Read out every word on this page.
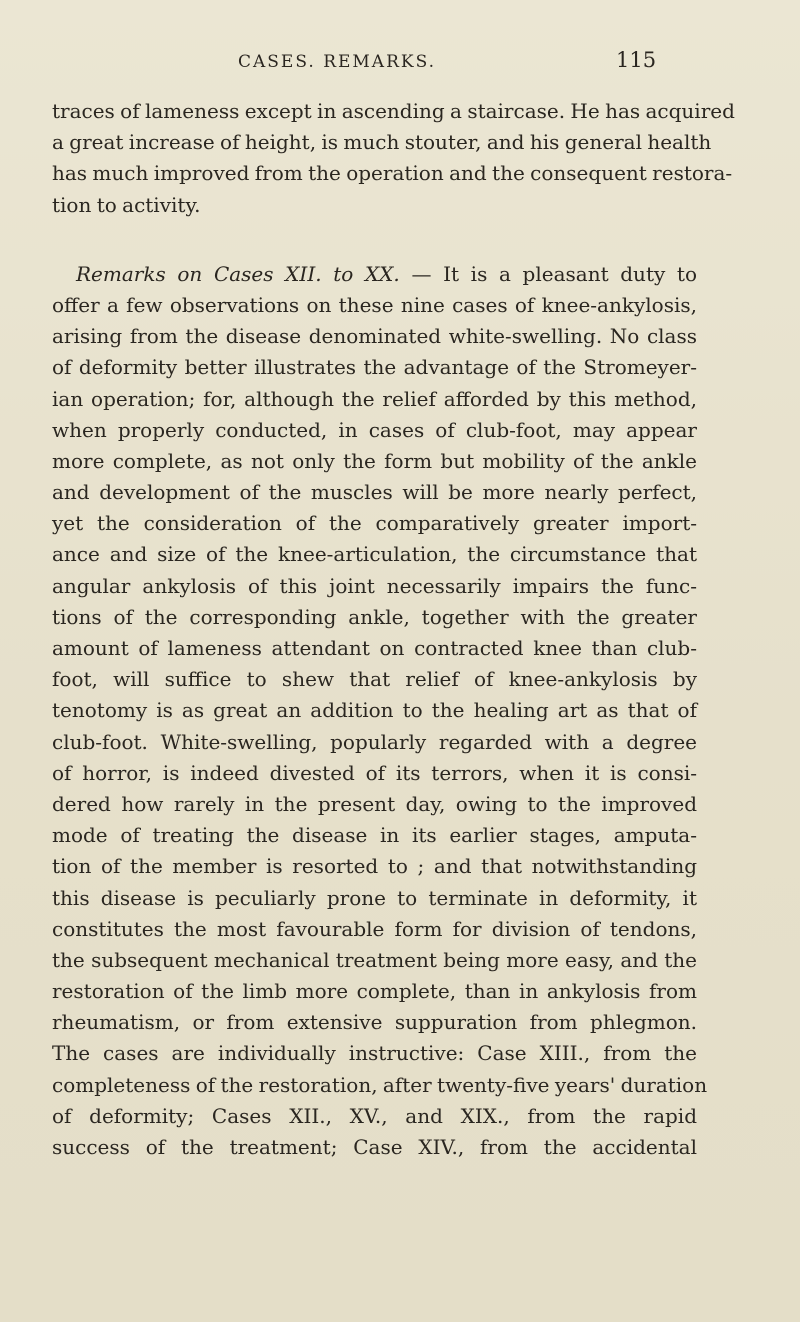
CASES. REMARKS.	115
traces of lameness except in ascending a staircase. He has acquired
a great increase of height, is much stouter, and his general health
has much improved from the operation and the consequent restora-
tion to activity.
Remarks on Cases XII. to XX. — It is a pleasant duty to
offer a few observations on these nine cases of knee-ankylosis,
arising from the disease denominated white-swelling. No class
of deformity better illustrates the advantage of the Stromeyer-
ian operation; for, although the relief afforded by this method,
when properly conducted, in cases of club-foot, may appear
more complete, as not only the form but mobility of the ankle
and development of the muscles will be more nearly perfect,
yet the consideration of the comparatively greater import-
ance and size of the knee-articulation, the circumstance that
angular ankylosis of this joint necessarily impairs the func-
tions of the corresponding ankle, together with the greater
amount of lameness attendant on contracted knee than club-
foot, will suffice to shew that relief of knee-ankylosis by
tenotomy is as great an addition to the healing art as that of
club-foot. White-swelling, popularly regarded with a degree
of horror, is indeed divested of its terrors, when it is consi-
dered how rarely in the present day, owing to the improved
mode of treating the disease in its earlier stages, amputa-
tion of the member is resorted to ; and that notwithstanding
this disease is peculiarly prone to terminate in deformity, it
constitutes the most favourable form for division of tendons,
the subsequent mechanical treatment being more easy, and the
restoration of the limb more complete, than in ankylosis from
rheumatism, or from extensive suppuration from phlegmon.
The cases are individually instructive: Case XIII., from the
completeness of the restoration, after twenty-five years' duration
of deformity; Cases XII., XV., and XIX., from the rapid
success of the treatment; Case XIV., from the accidental
